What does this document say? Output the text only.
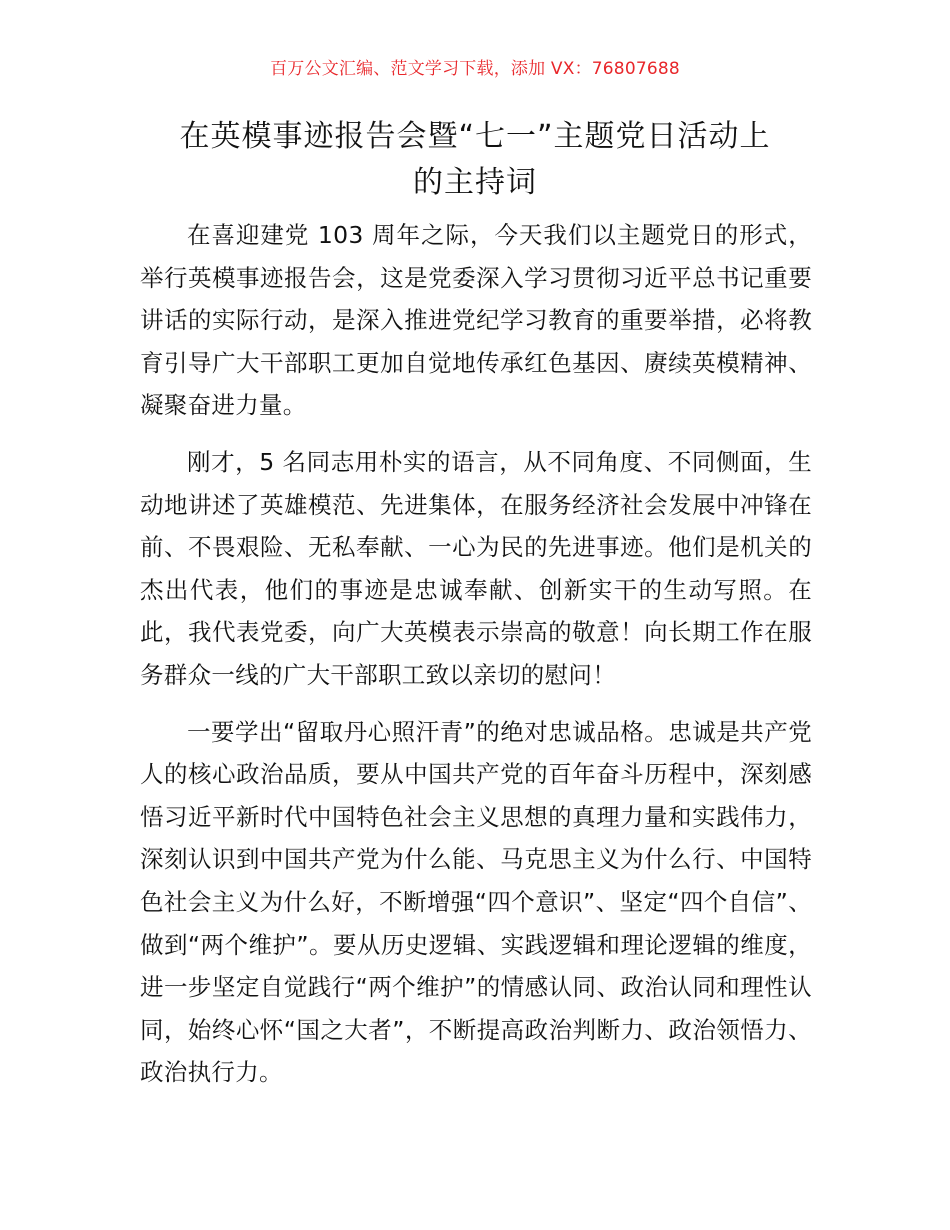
百万公文汇编、范文学习下载，添加 VX：76807688
在英模事迹报告会暨“七一”主题党日活动上
的主持词

在喜迎建党 103 周年之际，今天我们以主题党日的形式，举行英模事迹报告会，这是党委深入学习贯彻习近平总书记重要讲话的实际行动，是深入推进党纪学习教育的重要举措，必将教育引导广大干部职工更加自觉地传承红色基因、赓续英模精神、凝聚奋进力量。

刚才，5 名同志用朴实的语言，从不同角度、不同侧面，生动地讲述了英雄模范、先进集体，在服务经济社会发展中冲锋在前、不畏艰险、无私奉献、一心为民的先进事迹。他们是机关的杰出代表，他们的事迹是忠诚奉献、创新实干的生动写照。在此，我代表党委，向广大英模表示崇高的敬意！向长期工作在服务群众一线的广大干部职工致以亲切的慰问！

一要学出“留取丹心照汗青”的绝对忠诚品格。忠诚是共产党人的核心政治品质，要从中国共产党的百年奋斗历程中，深刻感悟习近平新时代中国特色社会主义思想的真理力量和实践伟力，深刻认识到中国共产党为什么能、马克思主义为什么行、中国特色社会主义为什么好，不断增强“四个意识”、坚定“四个自信”、做到“两个维护”。要从历史逻辑、实践逻辑和理论逻辑的维度，进一步坚定自觉践行“两个维护”的情感认同、政治认同和理性认同，始终心怀“国之大者”，不断提高政治判断力、政治领悟力、政治执行力。
